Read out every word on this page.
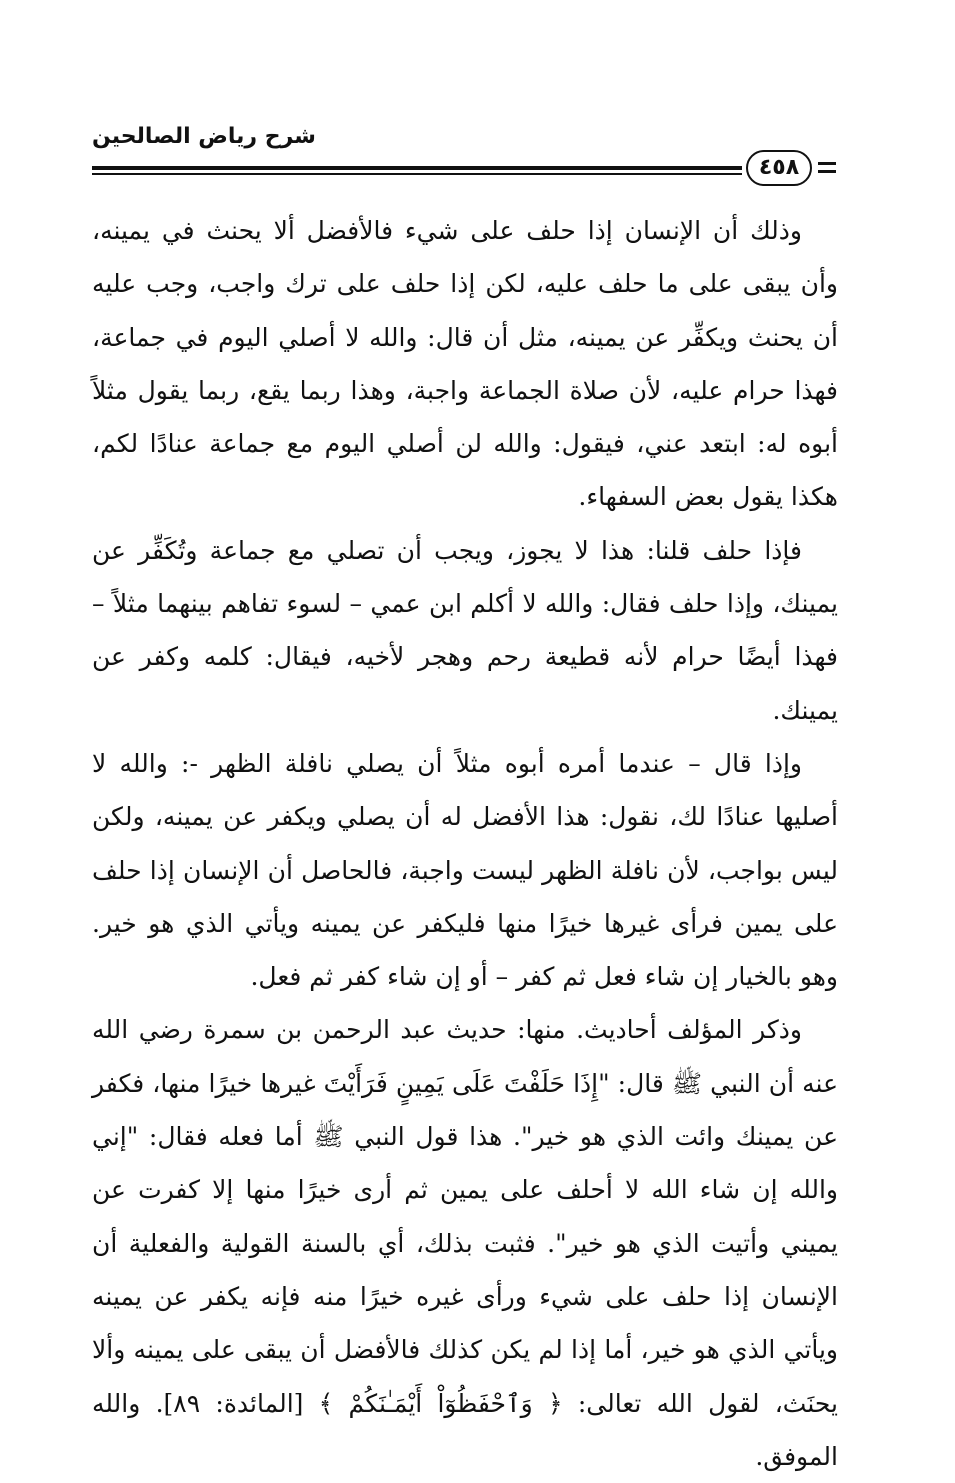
شرح رياض الصالحين
٤٥٨

وذلك أن الإنسان إذا حلف على شيء فالأفضل ألا يحنث في يمينه، وأن يبقى على ما حلف عليه، لكن إذا حلف على ترك واجب، وجب عليه أن يحنث ويكفِّر عن يمينه، مثل أن قال: والله لا أصلي اليوم في جماعة، فهذا حرام عليه، لأن صلاة الجماعة واجبة، وهذا ربما يقع، ربما يقول مثلاً أبوه له: ابتعد عني، فيقول: والله لن أصلي اليوم مع جماعة عنادًا لكم، هكذا يقول بعض السفهاء.

فإذا حلف قلنا: هذا لا يجوز، ويجب أن تصلي مع جماعة وتُكَفِّر عن يمينك، وإذا حلف فقال: والله لا أكلم ابن عمي – لسوء تفاهم بينهما مثلاً – فهذا أيضًا حرام لأنه قطيعة رحم وهجر لأخيه، فيقال: كلمه وكفر عن يمينك.

وإذا قال – عندما أمره أبوه مثلاً أن يصلي نافلة الظهر -: والله لا أصليها عنادًا لك، نقول: هذا الأفضل له أن يصلي ويكفر عن يمينه، ولكن ليس بواجب، لأن نافلة الظهر ليست واجبة، فالحاصل أن الإنسان إذا حلف على يمين فرأى غيرها خيرًا منها فليكفر عن يمينه ويأتي الذي هو خير. وهو بالخيار إن شاء فعل ثم كفر – أو إن شاء كفر ثم فعل.

وذكر المؤلف أحاديث. منها: حديث عبد الرحمن بن سمرة رضي الله عنه أن النبي ﷺ قال: "إِذَا حَلَفْتَ عَلَى يَمِينٍ فَرَأَيْتَ غيرها خيرًا منها، فكفر عن يمينك وائت الذي هو خير". هذا قول النبي ﷺ أما فعله فقال: "إني والله إن شاء الله لا أحلف على يمين ثم أرى خيرًا منها إلا كفرت عن يميني وأتيت الذي هو خير". فثبت بذلك، أي بالسنة القولية والفعلية أن الإنسان إذا حلف على شيء ورأى غيره خيرًا منه فإنه يكفر عن يمينه ويأتي الذي هو خير، أما إذا لم يكن كذلك فالأفضل أن يبقى على يمينه وألا يحنَث، لقول الله تعالى: ﴿ وَٱحْفَظُوٓاْ أَيْمَـٰنَكُمْ ﴾ [المائدة: ٨٩]. والله الموفق.
